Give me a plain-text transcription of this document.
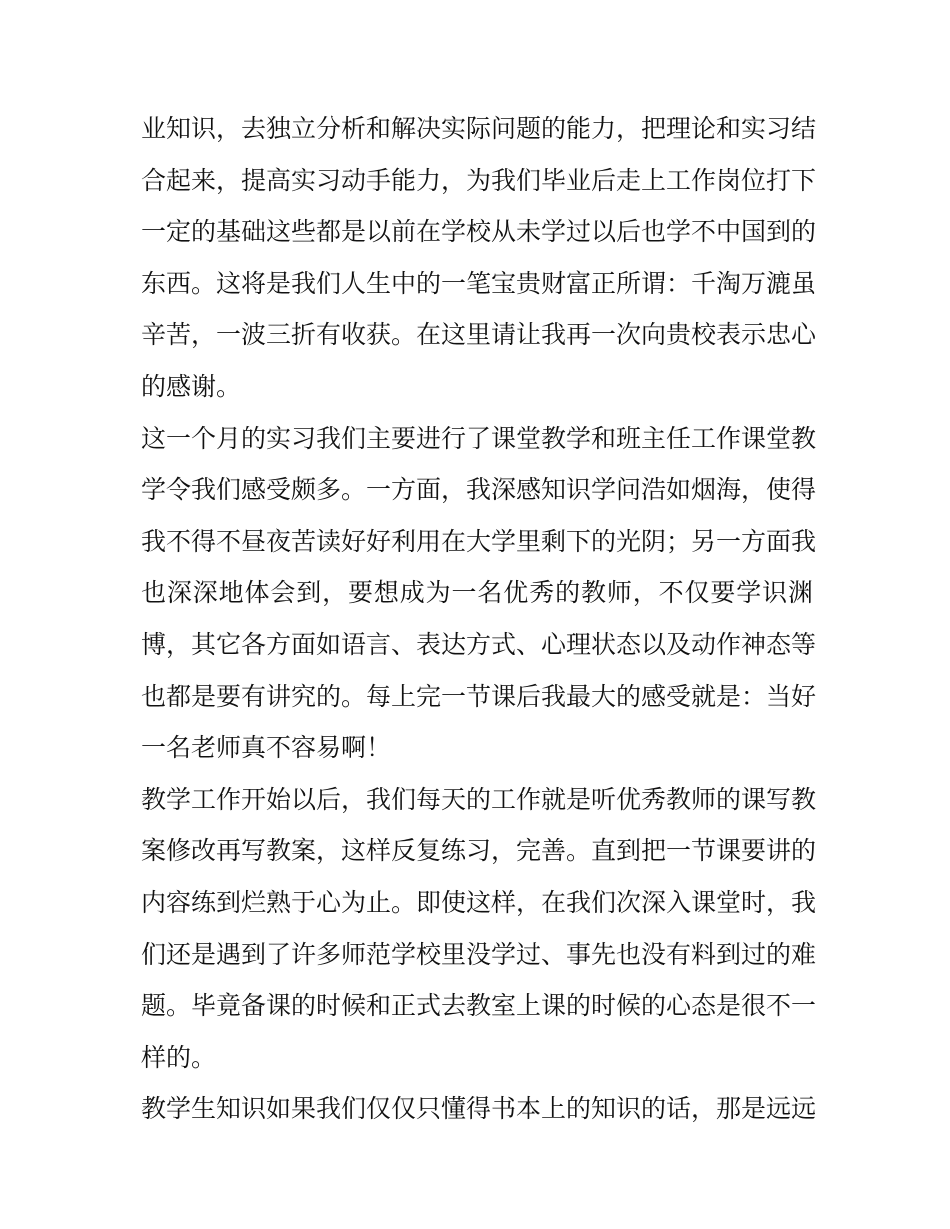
业知识，去独立分析和解决实际问题的能力，把理论和实习结
合起来，提高实习动手能力，为我们毕业后走上工作岗位打下
一定的基础这些都是以前在学校从未学过以后也学不中国到的
东西。这将是我们人生中的一笔宝贵财富正所谓：千淘万漉虽
辛苦，一波三折有收获。在这里请让我再一次向贵校表示忠心
的感谢。
这一个月的实习我们主要进行了课堂教学和班主任工作课堂教
学令我们感受颇多。一方面，我深感知识学问浩如烟海，使得
我不得不昼夜苦读好好利用在大学里剩下的光阴；另一方面我
也深深地体会到，要想成为一名优秀的教师，不仅要学识渊
博，其它各方面如语言、表达方式、心理状态以及动作神态等
也都是要有讲究的。每上完一节课后我最大的感受就是：当好
一名老师真不容易啊！
教学工作开始以后，我们每天的工作就是听优秀教师的课写教
案修改再写教案，这样反复练习，完善。直到把一节课要讲的
内容练到烂熟于心为止。即使这样，在我们次深入课堂时，我
们还是遇到了许多师范学校里没学过、事先也没有料到过的难
题。毕竟备课的时候和正式去教室上课的时候的心态是很不一
样的。
教学生知识如果我们仅仅只懂得书本上的知识的话，那是远远
